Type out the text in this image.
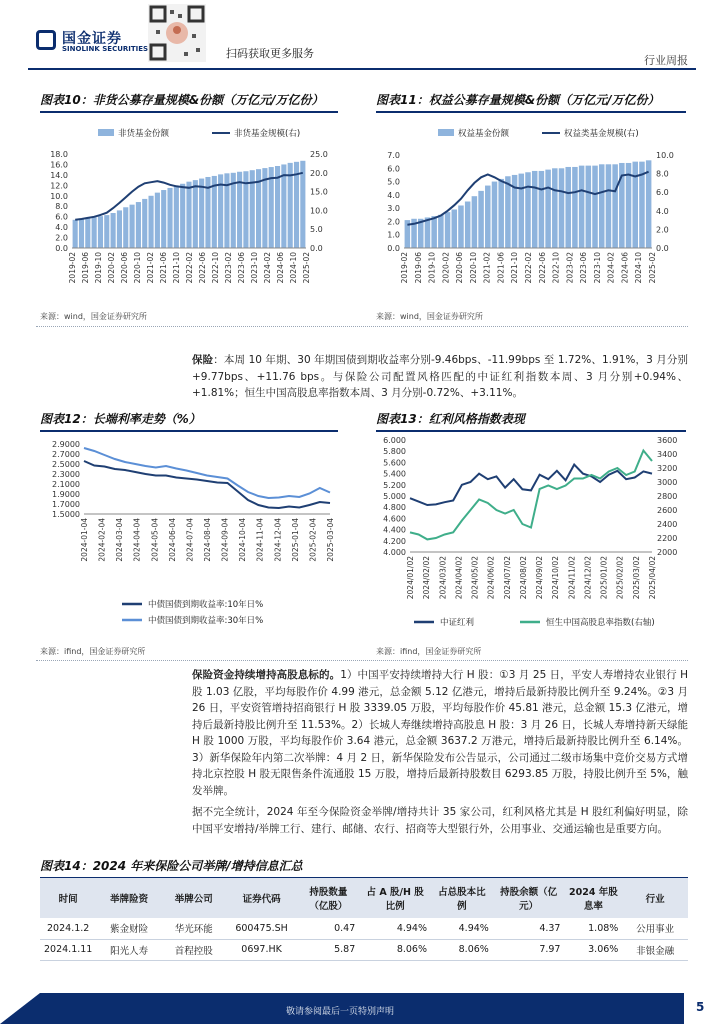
国金证券
SINOLINK SECURITIES	扫码获取更多服务
行业周报
图表10：非货公募存量规模&份额（万亿元/万亿份）	图表11：权益公募存量规模&份额（万亿元/万亿份）
非货基金份额	非货基金规模(右)
0.0
2.0
4.0
6.0
8.0
10.0
12.0
14.0
16.0
18.0
0.0
5.0
10.0
15.0
20.0
25.0
2019-02 2019-06 2019-10 2020-02 2020-06 2020-10 2021-02 2021-06 2021-10 2022-02 2022-06 2022-10 2023-02 2023-06 2023-10 2024-02 2024-06 2024-10 2025-02
权益基金份额	权益类基金规模(右)
0.0
1.0
2.0
3.0
4.0
5.0
6.0
7.0
0.0
2.0
4.0
6.0
8.0
10.0
2019-02 2019-06 2019-10 2020-02 2020-06 2020-10 2021-02 2021-06 2021-10 2022-02 2022-06 2022-10 2023-02 2023-06 2023-10 2024-02 2024-06 2024-10 2025-02
来源：wind，国金证券研究所	来源：wind，国金证券研究所
保险：本周 10 年期、30 年期国债到期收益率分别-9.46bps、-11.99bps 至 1.72%、1.91%，3 月分别+9.77bps、+11.76 bps。与保险公司配置风格匹配的中证红利指数本周、3 月分别+0.94%、+1.81%；恒生中国高股息率指数本周、3 月分别-0.72%、+3.11%。
图表12：长端利率走势（%）	图表13：红利风格指数表现
1.5000
1.7000
1.9000
2.1000
2.3000
2.5000
2.7000
2.9000
2024-01-04 2024-02-04 2024-03-04 2024-04-04 2024-05-04 2024-06-04 2024-07-04 2024-08-04 2024-09-04 2024-10-04 2024-11-04 2024-12-04 2025-01-04 2025-02-04 2025-03-04
中债国债到期收益率:10年日%
中债国债到期收益率:30年日%
4.000
4.200
4.400
4.600
4.800
5.000
5.200
5.400
5.600
5.800
6.000
2000
2200
2400
2600
2800
3000
3200
3400
3600
2024/01/02 2024/02/02 2024/03/02 2024/04/02 2024/05/02 2024/06/02 2024/07/02 2024/08/02 2024/09/02 2024/10/02 2024/11/02 2024/12/02 2025/01/02 2025/02/02 2025/03/02 2025/04/02
中证红利	恒生中国高股息率指数(右轴)
来源：ifind，国金证券研究所	来源：ifind，国金证券研究所
保险资金持续增持高股息标的。1）中国平安持续增持大行 H 股：①3 月 25 日，平安人寿增持农业银行 H 股 1.03 亿股，平均每股作价 4.99 港元，总金额 5.12 亿港元，增持后最新持股比例升至 9.24%。②3 月 26 日，平安资管增持招商银行 H 股 3339.05 万股，平均每股作价 45.81 港元，总金额 15.3 亿港元，增持后最新持股比例升至 11.53%。2）长城人寿继续增持高股息 H 股：3 月 26 日，长城人寿增持新天绿能 H 股 1000 万股，平均每股作价 3.64 港元，总金额 3637.2 万港元，增持后最新持股比例升至 6.14%。3）新华保险年内第二次举牌：4 月 2 日，新华保险发布公告显示，公司通过二级市场集中竞价交易方式增持北京控股 H 股无限售条件流通股 15 万股，增持后最新持股数目 6293.85 万股，持股比例升至 5%，触发举牌。
据不完全统计，2024 年至今保险资金举牌/增持共计 35 家公司，红利风格尤其是 H 股红利偏好明显，除中国平安增持/举牌工行、建行、邮储、农行、招商等大型银行外，公用事业、交通运输也是重要方向。
图表14：2024 年来保险公司举牌/增持信息汇总
时间	举牌险资	举牌公司	证券代码	持股数量（亿股）	占 A 股/H 股比例	占总股本比例	持股余额（亿元）	2024 年股息率	行业
2024.1.2	紫金财险	华光环能	600475.SH	0.47	4.94%	4.94%	4.37	1.08%	公用事业
2024.1.11	阳光人寿	首程控股	0697.HK	5.87	8.06%	8.06%	7.97	3.06%	非银金融
敬请参阅最后一页特别声明	5
